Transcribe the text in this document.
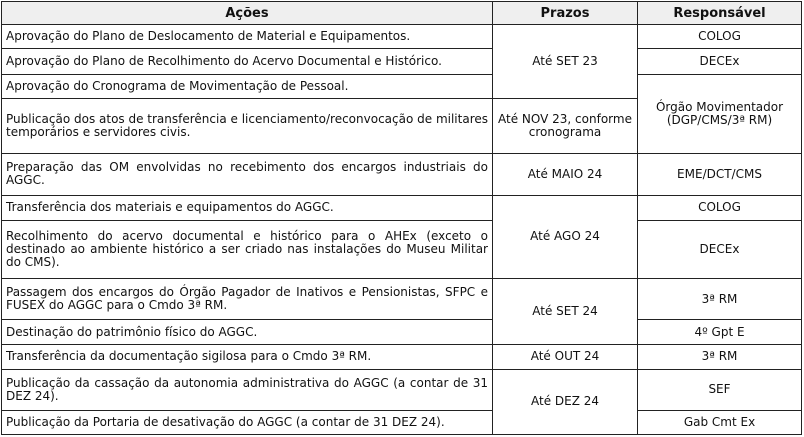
Ações	Prazos	Responsável
Aprovação do Plano de Deslocamento de Material e Equipamentos.	Até SET 23	COLOG
Aprovação do Plano de Recolhimento do Acervo Documental e Histórico.		DECEx
Aprovação do Cronograma de Movimentação de Pessoal.		Órgão Movimentador (DGP/CMS/3ª RM)
Publicação dos atos de transferência e licenciamento/reconvocação de militares temporários e servidores civis.	Até NOV 23, conforme cronograma	
Preparação das OM envolvidas no recebimento dos encargos industriais do AGGC.	Até MAIO 24	EME/DCT/CMS
Transferência dos materiais e equipamentos do AGGC.	Até AGO 24	COLOG
Recolhimento do acervo documental e histórico para o AHEx (exceto o destinado ao ambiente histórico a ser criado nas instalações do Museu Militar do CMS).		DECEx
Passagem dos encargos do Órgão Pagador de Inativos e Pensionistas, SFPC e FUSEX do AGGC para o Cmdo 3ª RM.	Até SET 24	3ª RM
Destinação do patrimônio físico do AGGC.		4º Gpt E
Transferência da documentação sigilosa para o Cmdo 3ª RM.	Até OUT 24	3ª RM
Publicação da cassação da autonomia administrativa do AGGC (a contar de 31 DEZ 24).	Até DEZ 24	SEF
Publicação da Portaria de desativação do AGGC (a contar de 31 DEZ 24).		Gab Cmt Ex
